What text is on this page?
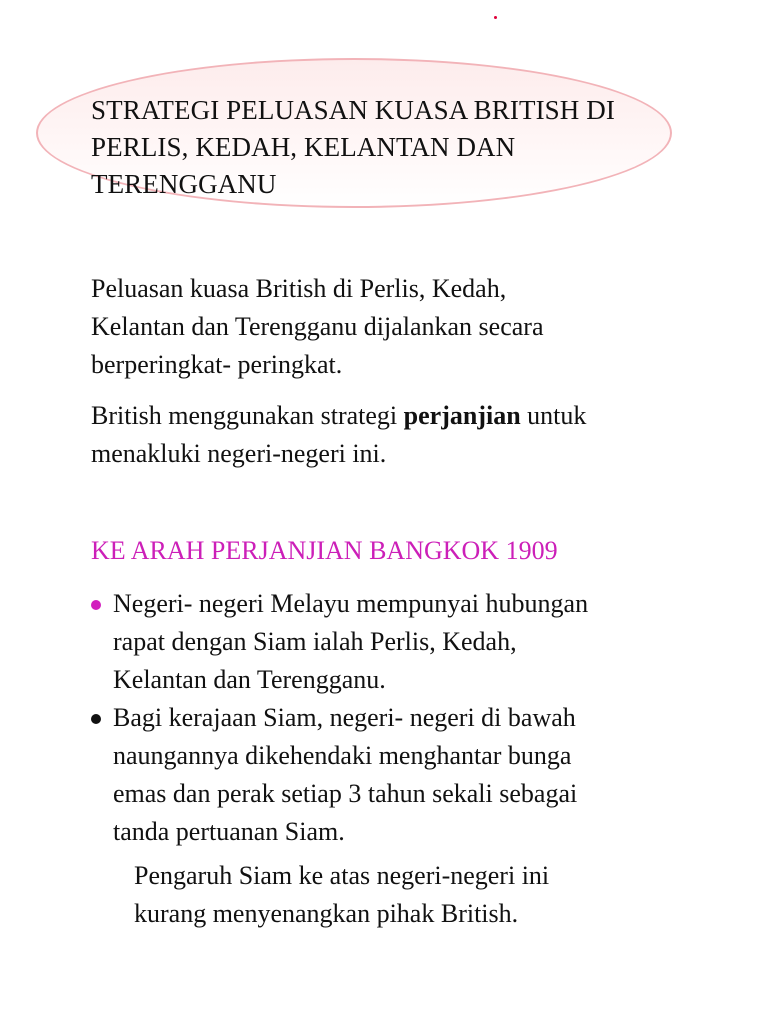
STRATEGI PELUASAN KUASA BRITISH DI
PERLIS, KEDAH, KELANTAN DAN
TERENGGANU

Peluasan kuasa British di Perlis, Kedah,
Kelantan dan Terengganu dijalankan secara
berperingkat- peringkat.

British menggunakan strategi perjanjian untuk
menakluki negeri-negeri ini.

KE ARAH PERJANJIAN BANGKOK 1909
Negeri- negeri Melayu mempunyai hubungan
rapat dengan Siam ialah Perlis, Kedah,
Kelantan dan Terengganu.
Bagi kerajaan Siam, negeri- negeri di bawah
naungannya dikehendaki menghantar bunga
emas dan perak setiap 3 tahun sekali sebagai
tanda pertuanan Siam.

Pengaruh Siam ke atas negeri-negeri ini
kurang menyenangkan pihak British.
